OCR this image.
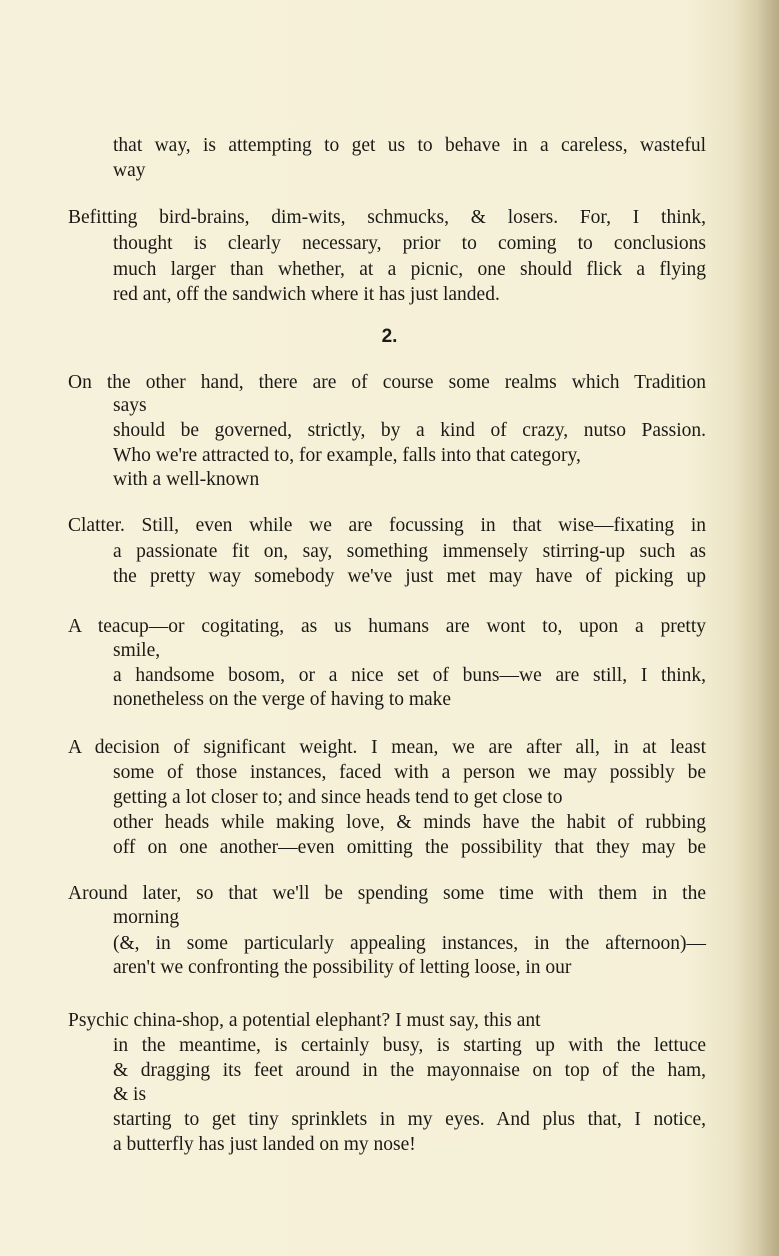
2.
that way, is attempting to get us to behave in a careless, wasteful
way
Befitting bird-brains, dim-wits, schmucks, & losers. For, I think,
thought is clearly necessary, prior to coming to conclusions
much larger than whether, at a picnic, one should flick a flying
red ant, off the sandwich where it has just landed.
On the other hand, there are of course some realms which Tradition
says
should be governed, strictly, by a kind of crazy, nutso Passion.
Who we're attracted to, for example, falls into that category,
with a well-known
Clatter. Still, even while we are focussing in that wise—fixating in
a passionate fit on, say, something immensely stirring-up such as
the pretty way somebody we've just met may have of picking up
A teacup—or cogitating, as us humans are wont to, upon a pretty
smile,
a handsome bosom, or a nice set of buns—we are still, I think,
nonetheless on the verge of having to make
A decision of significant weight. I mean, we are after all, in at least
some of those instances, faced with a person we may possibly be
getting a lot closer to; and since heads tend to get close to
other heads while making love, & minds have the habit of rubbing
off on one another—even omitting the possibility that they may be
Around later, so that we'll be spending some time with them in the
morning
(&, in some particularly appealing instances, in the afternoon)—
aren't we confronting the possibility of letting loose, in our
Psychic china-shop, a potential elephant? I must say, this ant
in the meantime, is certainly busy, is starting up with the lettuce
& dragging its feet around in the mayonnaise on top of the ham,
& is
starting to get tiny sprinklets in my eyes. And plus that, I notice,
a butterfly has just landed on my nose!
